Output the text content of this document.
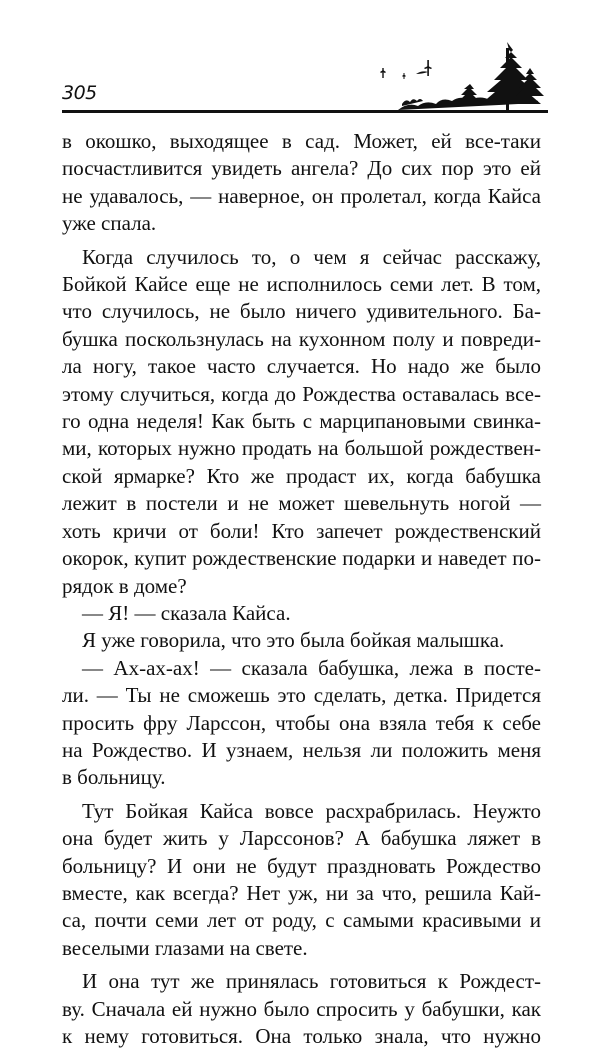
305

в окошко, выходящее в сад. Может, ей все-таки
посчастливится увидеть ангела? До сих пор это ей
не удавалось, — наверное, он пролетал, когда Кайса
уже спала.

Когда случилось то, о чем я сейчас расскажу,
Бойкой Кайсе еще не исполнилось семи лет. В том,
что случилось, не было ничего удивительного. Ба-
бушка поскользнулась на кухонном полу и повреди-
ла ногу, такое часто случается. Но надо же было
этому случиться, когда до Рождества оставалась все-
го одна неделя! Как быть с марципановыми свинка-
ми, которых нужно продать на большой рождествен-
ской ярмарке? Кто же продаст их, когда бабушка
лежит в постели и не может шевельнуть ногой —
хоть кричи от боли! Кто запечет рождественский
окорок, купит рождественские подарки и наведет по-
рядок в доме?

— Я! — сказала Кайса.

Я уже говорила, что это была бойкая малышка.

— Ах-ах-ах! — сказала бабушка, лежа в посте-
ли. — Ты не сможешь это сделать, детка. Придется
просить фру Ларссон, чтобы она взяла тебя к себе
на Рождество. И узнаем, нельзя ли положить меня
в больницу.

Тут Бойкая Кайса вовсе расхрабрилась. Неужто
она будет жить у Ларссонов? А бабушка ляжет в
больницу? И они не будут праздновать Рождество
вместе, как всегда? Нет уж, ни за что, решила Кай-
са, почти семи лет от роду, с самыми красивыми и
веселыми глазами на свете.

И она тут же принялась готовиться к Рождест-
ву. Сначала ей нужно было спросить у бабушки, как
к нему готовиться. Она только знала, что нужно
